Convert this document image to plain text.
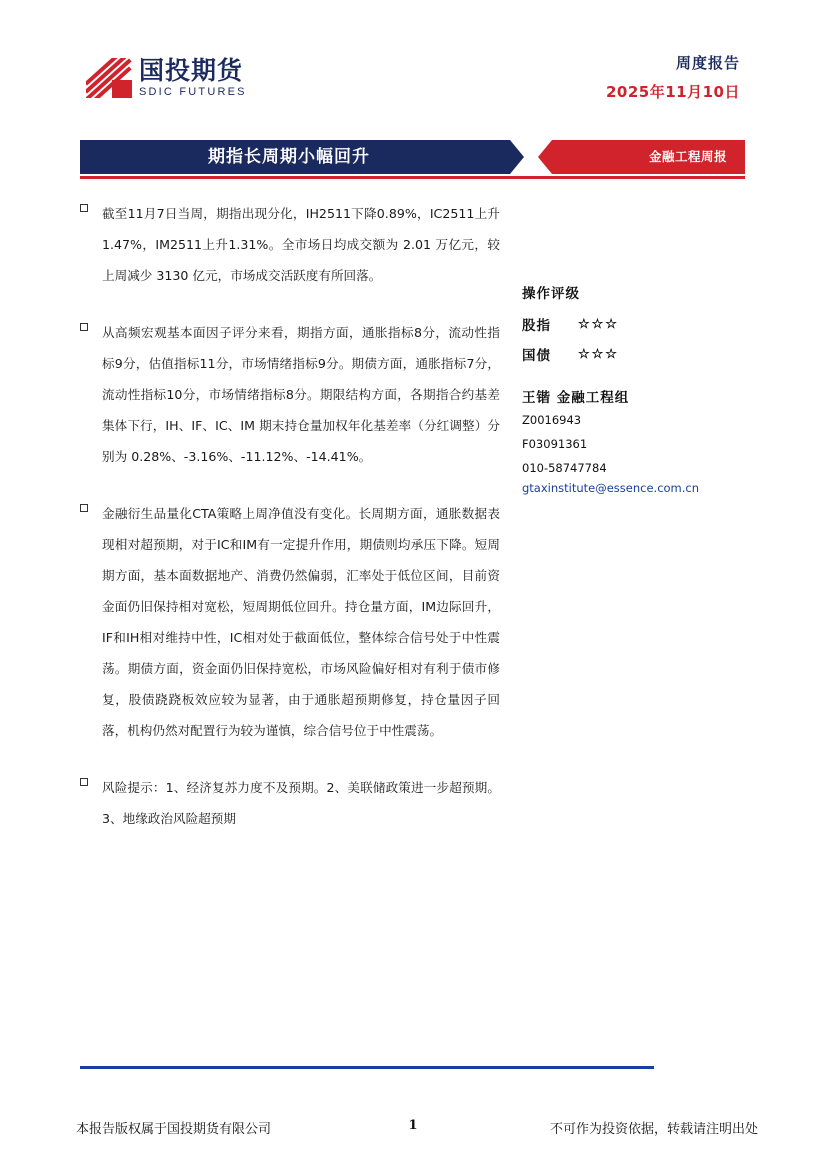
国投期货
SDIC FUTURES
周度报告
2025年11月10日
期指长周期小幅回升	金融工程周报

截至11月7日当周，期指出现分化，IH2511下降0.89%，IC2511上升1.47%，IM2511上升1.31%。全市场日均成交额为 2.01 万亿元，较上周减少 3130 亿元，市场成交活跃度有所回落。

从高频宏观基本面因子评分来看，期指方面，通胀指标8分，流动性指标9分，估值指标11分，市场情绪指标9分。期债方面，通胀指标7分，流动性指标10分，市场情绪指标8分。期限结构方面，各期指合约基差集体下行，IH、IF、IC、IM 期末持仓量加权年化基差率（分红调整）分别为 0.28%、-3.16%、-11.12%、-14.41%。

金融衍生品量化CTA策略上周净值没有变化。长周期方面，通胀数据表现相对超预期，对于IC和IM有一定提升作用，期债则均承压下降。短周期方面，基本面数据地产、消费仍然偏弱，汇率处于低位区间，目前资金面仍旧保持相对宽松，短周期低位回升。持仓量方面，IM边际回升，IF和IH相对维持中性，IC相对处于截面低位，整体综合信号处于中性震荡。期债方面，资金面仍旧保持宽松，市场风险偏好相对有利于债市修复，股债跷跷板效应较为显著，由于通胀超预期修复，持仓量因子回落，机构仍然对配置行为较为谨慎，综合信号位于中性震荡。

风险提示：1、经济复苏力度不及预期。2、美联储政策进一步超预期。3、地缘政治风险超预期

操作评级
股指	☆☆☆
国债	☆☆☆
王锴 金融工程组
Z0016943
F03091361
010-58747784
gtaxinstitute@essence.com.cn
本报告版权属于国投期货有限公司	1	不可作为投资依据，转载请注明出处
